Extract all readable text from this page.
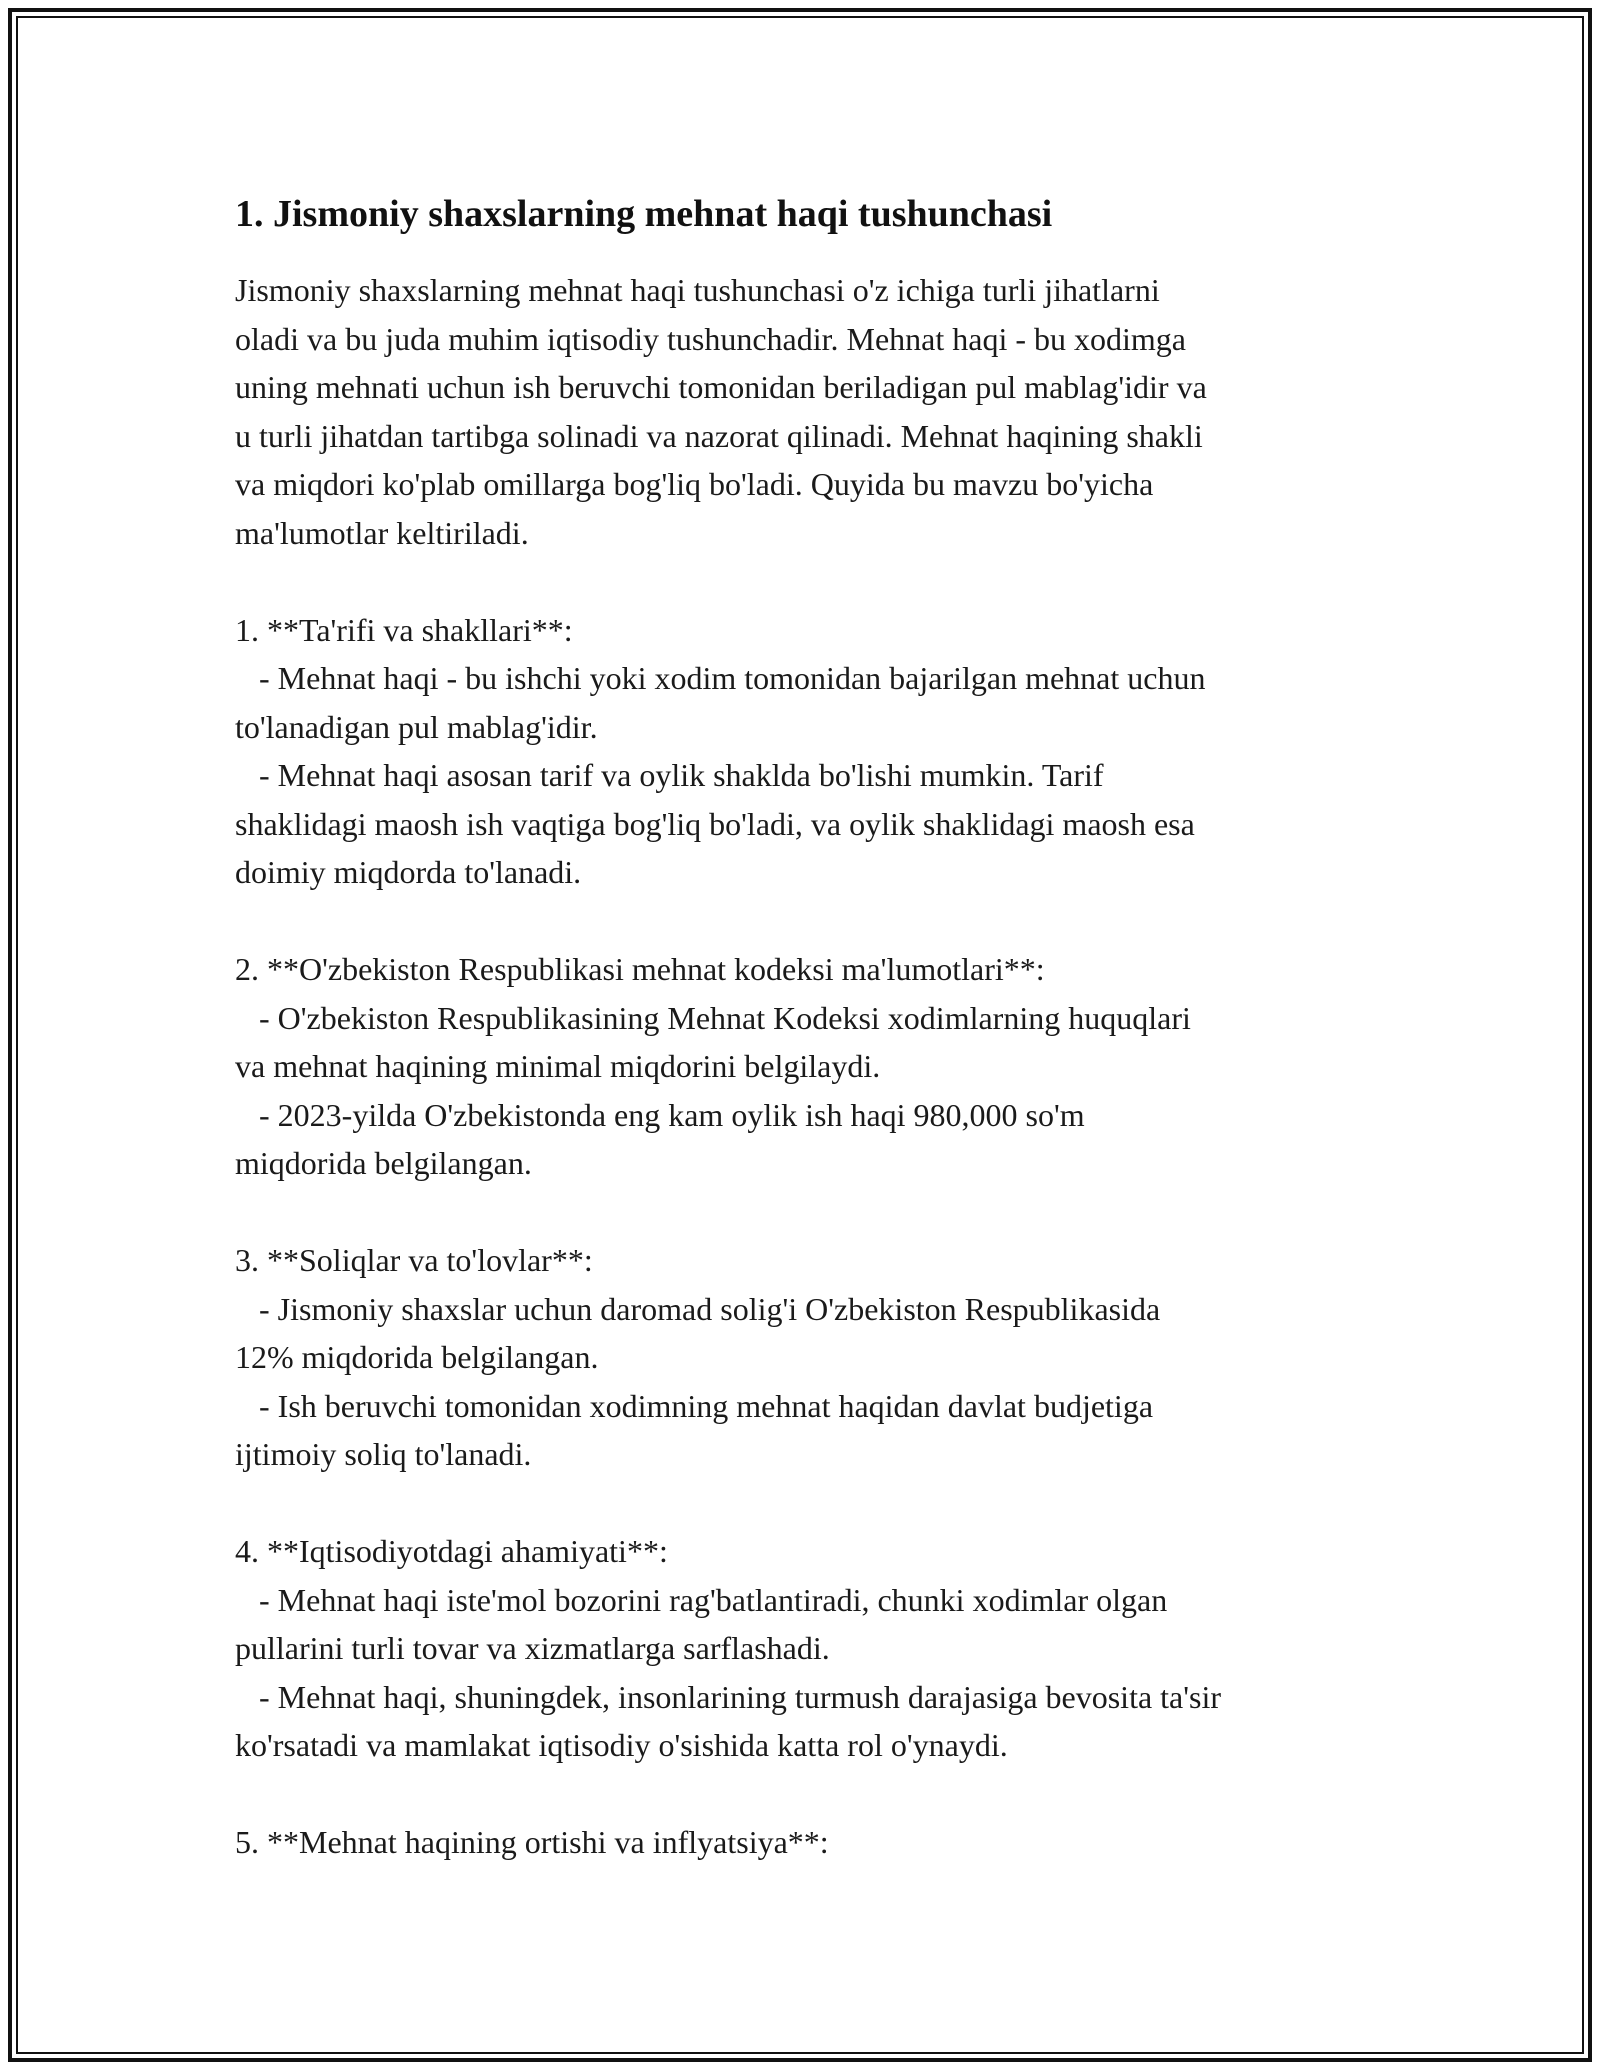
1. Jismoniy shaxslarning mehnat haqi tushunchasi

Jismoniy shaxslarning mehnat haqi tushunchasi o'z ichiga turli jihatlarni
oladi va bu juda muhim iqtisodiy tushunchadir. Mehnat haqi - bu xodimga
uning mehnati uchun ish beruvchi tomonidan beriladigan pul mablag'idir va
u turli jihatdan tartibga solinadi va nazorat qilinadi. Mehnat haqining shakli
va miqdori ko'plab omillarga bog'liq bo'ladi. Quyida bu mavzu bo'yicha
ma'lumotlar keltiriladi.

1. **Ta'rifi va shakllari**:

- Mehnat haqi - bu ishchi yoki xodim tomonidan bajarilgan mehnat uchun
to'lanadigan pul mablag'idir.

- Mehnat haqi asosan tarif va oylik shaklda bo'lishi mumkin. Tarif
shaklidagi maosh ish vaqtiga bog'liq bo'ladi, va oylik shaklidagi maosh esa
doimiy miqdorda to'lanadi.

2. **O'zbekiston Respublikasi mehnat kodeksi ma'lumotlari**:

- O'zbekiston Respublikasining Mehnat Kodeksi xodimlarning huquqlari
va mehnat haqining minimal miqdorini belgilaydi.

- 2023-yilda O'zbekistonda eng kam oylik ish haqi 980,000 so'm
miqdorida belgilangan.

3. **Soliqlar va to'lovlar**:

- Jismoniy shaxslar uchun daromad solig'i O'zbekiston Respublikasida
12% miqdorida belgilangan.

- Ish beruvchi tomonidan xodimning mehnat haqidan davlat budjetiga
ijtimoiy soliq to'lanadi.

4. **Iqtisodiyotdagi ahamiyati**:

- Mehnat haqi iste'mol bozorini rag'batlantiradi, chunki xodimlar olgan
pullarini turli tovar va xizmatlarga sarflashadi.

- Mehnat haqi, shuningdek, insonlarining turmush darajasiga bevosita ta'sir
ko'rsatadi va mamlakat iqtisodiy o'sishida katta rol o'ynaydi.

5. **Mehnat haqining ortishi va inflyatsiya**:
